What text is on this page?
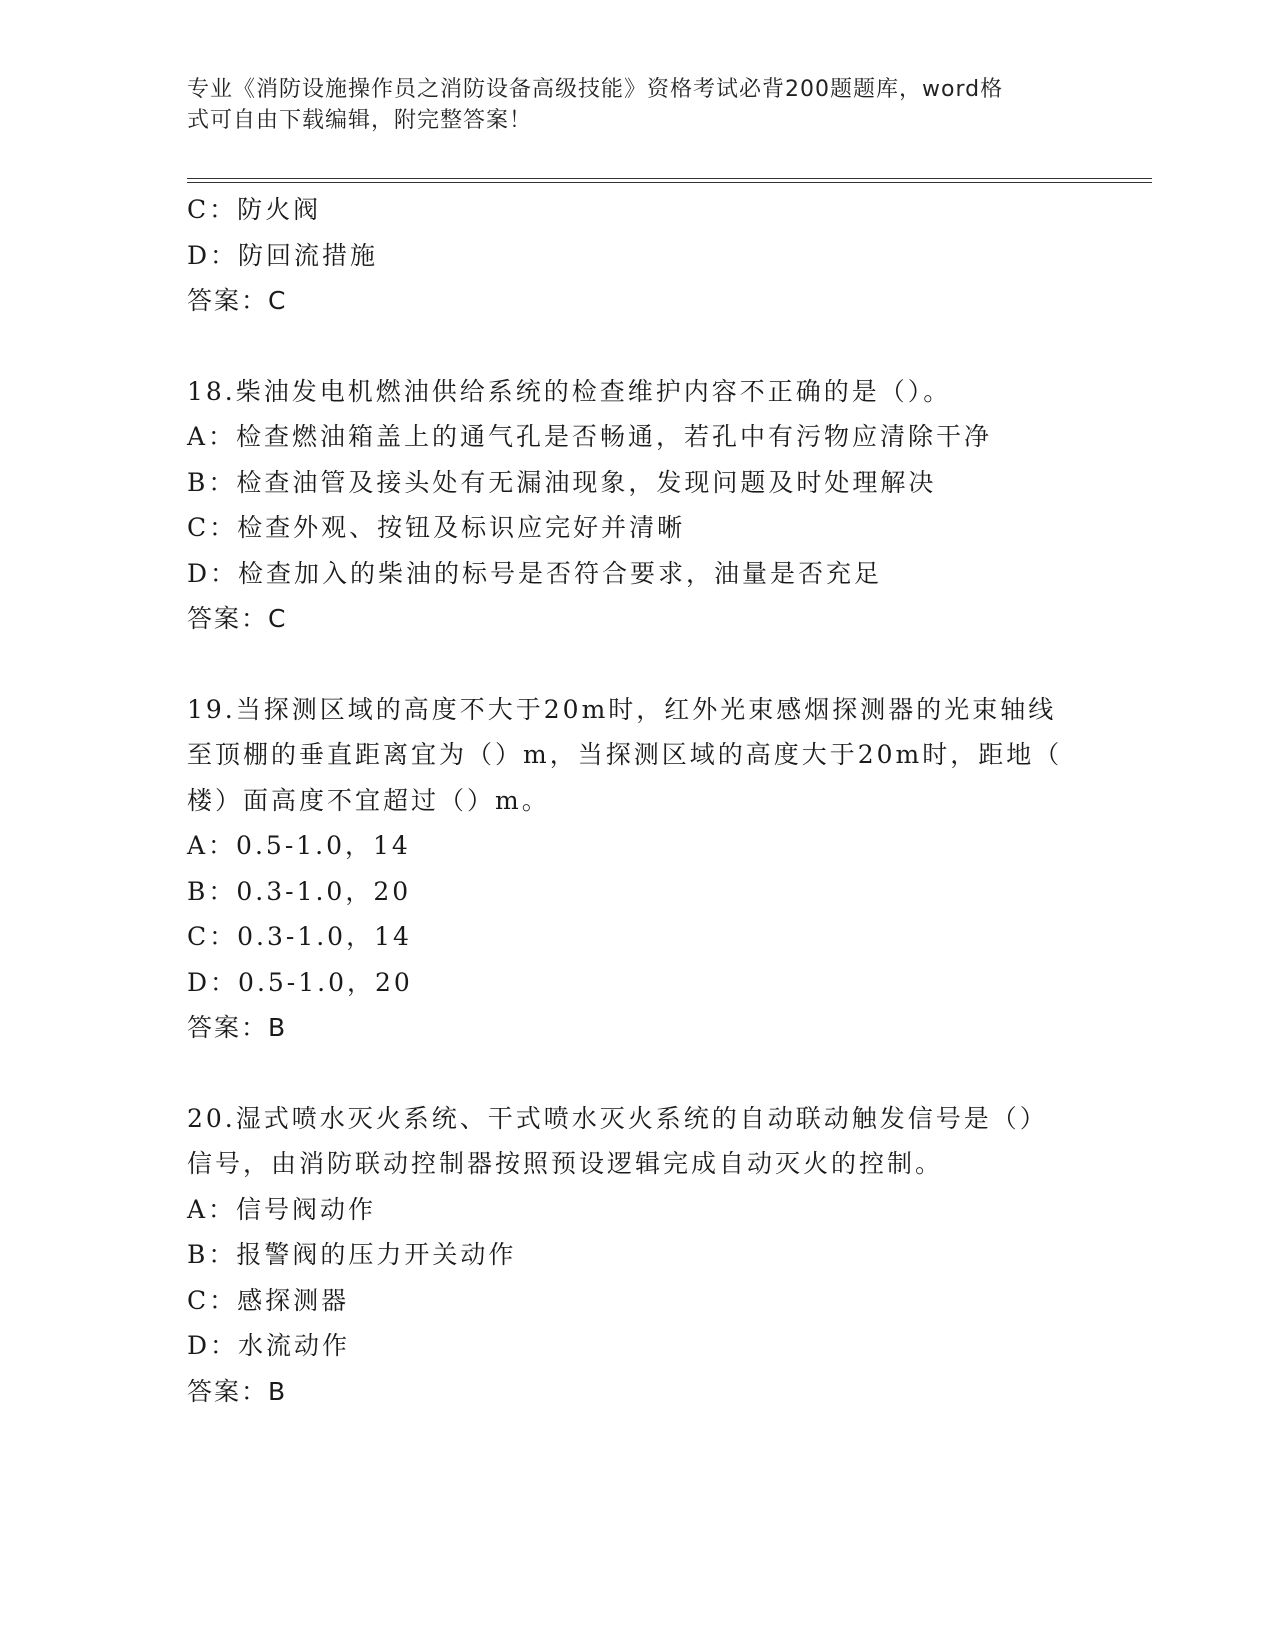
专业《消防设施操作员之消防设备高级技能》资格考试必背200题题库，word格
式可自由下载编辑，附完整答案！
C：防火阀
D：防回流措施
答案：C
18.柴油发电机燃油供给系统的检查维护内容不正确的是（）。
A：检查燃油箱盖上的通气孔是否畅通，若孔中有污物应清除干净
B：检查油管及接头处有无漏油现象，发现问题及时处理解决
C：检查外观、按钮及标识应完好并清晰
D：检查加入的柴油的标号是否符合要求，油量是否充足
答案：C
19.当探测区域的高度不大于20m时，红外光束感烟探测器的光束轴线
至顶棚的垂直距离宜为（）m，当探测区域的高度大于20m时，距地（
楼）面高度不宜超过（）m。
A：0.5-1.0，14
B：0.3-1.0，20
C：0.3-1.0，14
D：0.5-1.0，20
答案：B
20.湿式喷水灭火系统、干式喷水灭火系统的自动联动触发信号是（）
信号，由消防联动控制器按照预设逻辑完成自动灭火的控制。
A：信号阀动作
B：报警阀的压力开关动作
C：感探测器
D：水流动作
答案：B
